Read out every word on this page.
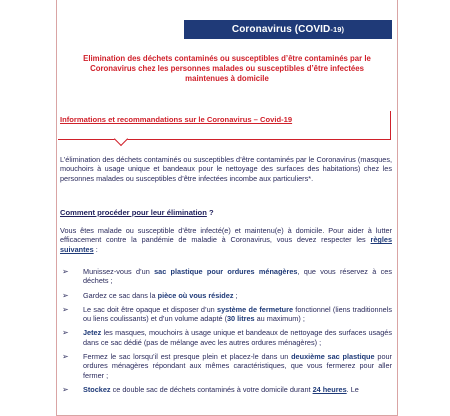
Coronavirus (COVID -19)
Elimination des déchets contaminés ou susceptibles d’être contaminés par le
Coronavirus chez les personnes malades ou susceptibles d’être infectées
maintenues à domicile
Informations et recommandations sur le Coronavirus – Covid-19
L’élimination des déchets contaminés ou susceptibles d’être contaminés par le Coronavirus (masques, mouchoirs à usage unique et bandeaux pour le nettoyage des surfaces des habitations) chez les personnes malades ou susceptibles d’être infectées incombe aux particuliers*.
Comment procéder pour leur élimination ?
Vous êtes malade ou susceptible d’être infecté(e) et maintenu(e) à domicile. Pour aider à lutter efficacement contre la pandémie de maladie à Coronavirus, vous devez respecter les règles suivantes :
➢ Munissez-vous d’un sac plastique pour ordures ménagères, que vous réservez à ces déchets ;
➢ Gardez ce sac dans la pièce où vous résidez ;
➢ Le sac doit être opaque et disposer d’un système de fermeture fonctionnel (liens traditionnels ou liens coulissants) et d’un volume adapté (30 litres au maximum) ;
➢ Jetez les masques, mouchoirs à usage unique et bandeaux de nettoyage des surfaces usagés dans ce sac dédié (pas de mélange avec les autres ordures ménagères) ;
➢ Fermez le sac lorsqu’il est presque plein et placez-le dans un deuxième sac plastique pour ordures ménagères répondant aux mêmes caractéristiques, que vous fermerez pour aller fermer ;
➢ Stockez ce double sac de déchets contaminés à votre domicile durant 24 heures. Le
